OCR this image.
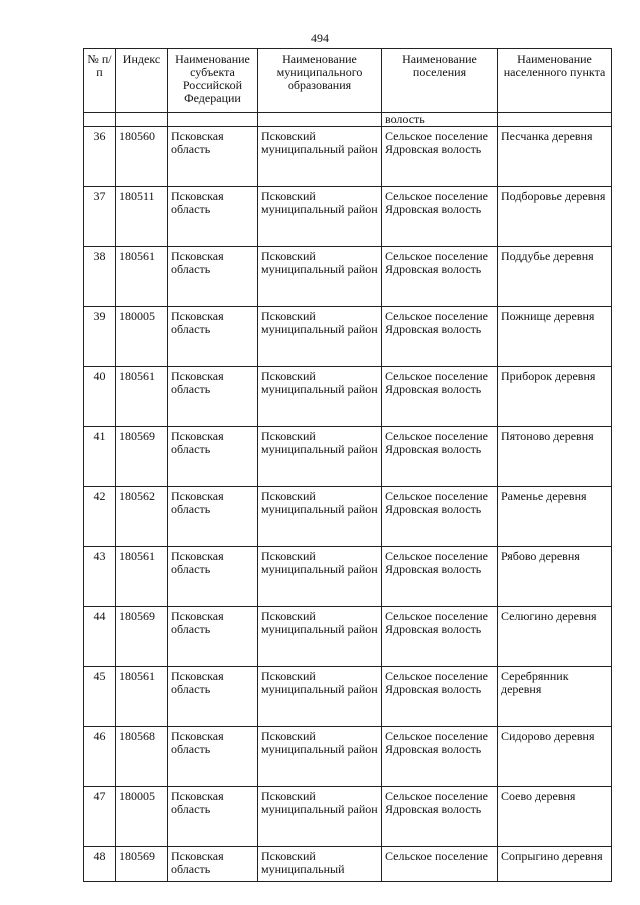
494
№ п/п	Индекс	Наименование субъекта Российской Федерации	Наименование муниципального образования	Наименование поселения	Наименование населенного пункта
				волость	
36	180560	Псковская область	Псковский муниципальный район	Сельское поселение Ядровская волость	Песчанка деревня
37	180511	Псковская область	Псковский муниципальный район	Сельское поселение Ядровская волость	Подборовье деревня
38	180561	Псковская область	Псковский муниципальный район	Сельское поселение Ядровская волость	Поддубье деревня
39	180005	Псковская область	Псковский муниципальный район	Сельское поселение Ядровская волость	Пожнище деревня
40	180561	Псковская область	Псковский муниципальный район	Сельское поселение Ядровская волость	Приборок деревня
41	180569	Псковская область	Псковский муниципальный район	Сельское поселение Ядровская волость	Пятоново деревня
42	180562	Псковская область	Псковский муниципальный район	Сельское поселение Ядровская волость	Раменье деревня
43	180561	Псковская область	Псковский муниципальный район	Сельское поселение Ядровская волость	Рябово деревня
44	180569	Псковская область	Псковский муниципальный район	Сельское поселение Ядровская волость	Селюгино деревня
45	180561	Псковская область	Псковский муниципальный район	Сельское поселение Ядровская волость	Серебрянник деревня
46	180568	Псковская область	Псковский муниципальный район	Сельское поселение Ядровская волость	Сидорово деревня
47	180005	Псковская область	Псковский муниципальный район	Сельское поселение Ядровская волость	Соево деревня
48	180569	Псковская область	Псковский муниципальный	Сельское поселение	Сопрыгино деревня
